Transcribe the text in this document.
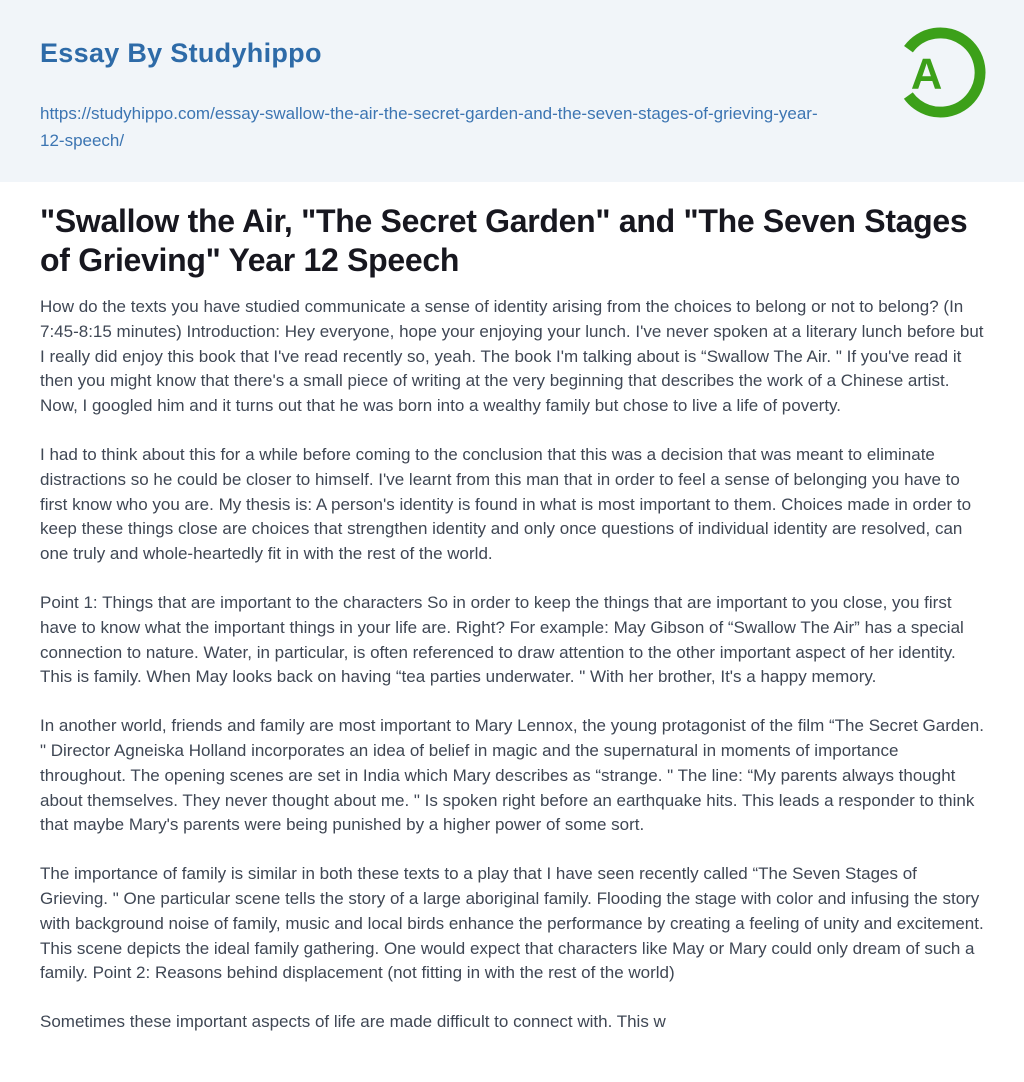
Essay By Studyhippo

https://studyhippo.com/essay-swallow-the-air-the-secret-garden-and-the-seven-stages-of-grieving-year-12-speech/
A
"Swallow the Air, "The Secret Garden" and "The Seven Stages of Grieving" Year 12 Speech

How do the texts you have studied communicate a sense of identity arising from the choices to belong or not to belong? (In 7:45-8:15 minutes) Introduction: Hey everyone, hope your enjoying your lunch. I've never spoken at a literary lunch before but I really did enjoy this book that I've read recently so, yeah. The book I'm talking about is “Swallow The Air. " If you've read it then you might know that there's a small piece of writing at the very beginning that describes the work of a Chinese artist. Now, I googled him and it turns out that he was born into a wealthy family but chose to live a life of poverty.

I had to think about this for a while before coming to the conclusion that this was a decision that was meant to eliminate distractions so he could be closer to himself. I've learnt from this man that in order to feel a sense of belonging you have to first know who you are. My thesis is: A person's identity is found in what is most important to them. Choices made in order to keep these things close are choices that strengthen identity and only once questions of individual identity are resolved, can one truly and whole-heartedly fit in with the rest of the world.

Point 1: Things that are important to the characters So in order to keep the things that are important to you close, you first have to know what the important things in your life are. Right? For example: May Gibson of “Swallow The Air” has a special connection to nature. Water, in particular, is often referenced to draw attention to the other important aspect of her identity. This is family. When May looks back on having “tea parties underwater. " With her brother, It's a happy memory.

In another world, friends and family are most important to Mary Lennox, the young protagonist of the film “The Secret Garden. " Director Agneiska Holland incorporates an idea of belief in magic and the supernatural in moments of importance throughout. The opening scenes are set in India which Mary describes as “strange. " The line: “My parents always thought about themselves. They never thought about me. " Is spoken right before an earthquake hits. This leads a responder to think that maybe Mary's parents were being punished by a higher power of some sort.

The importance of family is similar in both these texts to a play that I have seen recently called “The Seven Stages of Grieving. " One particular scene tells the story of a large aboriginal family. Flooding the stage with color and infusing the story with background noise of family, music and local birds enhance the performance by creating a feeling of unity and excitement. This scene depicts the ideal family gathering. One would expect that characters like May or Mary could only dream of such a family. Point 2: Reasons behind displacement (not fitting in with the rest of the world)

Sometimes these important aspects of life are made difficult to connect with. This w
